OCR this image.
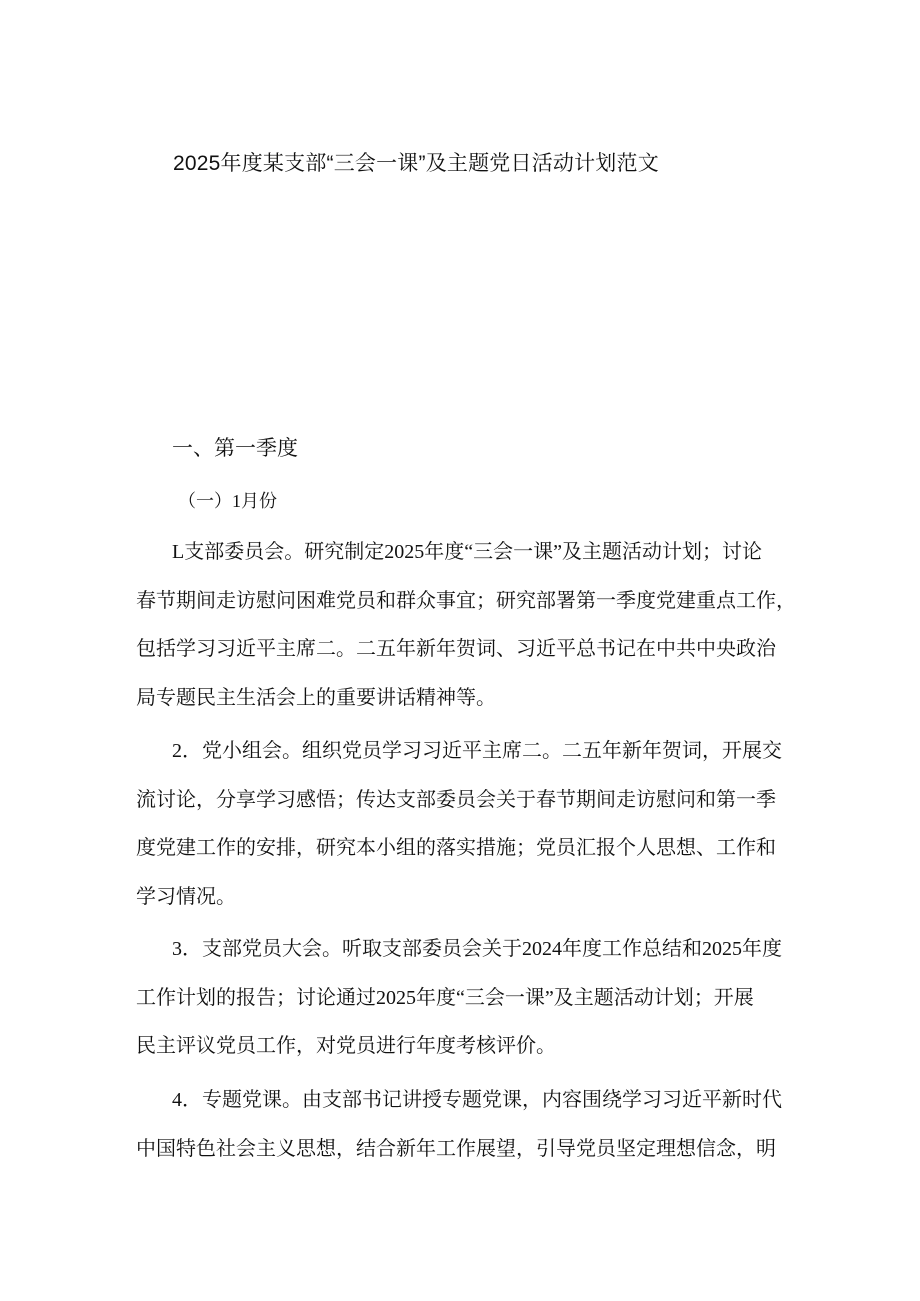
2025年度某支部“三会一课”及主题党日活动计划范文
一、第一季度
（一）1月份
L支部委员会。研究制定2025年度“三会一课”及主题活动计划；讨论
春节期间走访慰问困难党员和群众事宜；研究部署第一季度党建重点工作，
包括学习习近平主席二。二五年新年贺词、习近平总书记在中共中央政治
局专题民主生活会上的重要讲话精神等。
2．党小组会。组织党员学习习近平主席二。二五年新年贺词，开展交
流讨论，分享学习感悟；传达支部委员会关于春节期间走访慰问和第一季
度党建工作的安排，研究本小组的落实措施；党员汇报个人思想、工作和
学习情况。
3．支部党员大会。听取支部委员会关于2024年度工作总结和2025年度
工作计划的报告；讨论通过2025年度“三会一课”及主题活动计划；开展
民主评议党员工作，对党员进行年度考核评价。
4．专题党课。由支部书记讲授专题党课，内容围绕学习习近平新时代
中国特色社会主义思想，结合新年工作展望，引导党员坚定理想信念，明
